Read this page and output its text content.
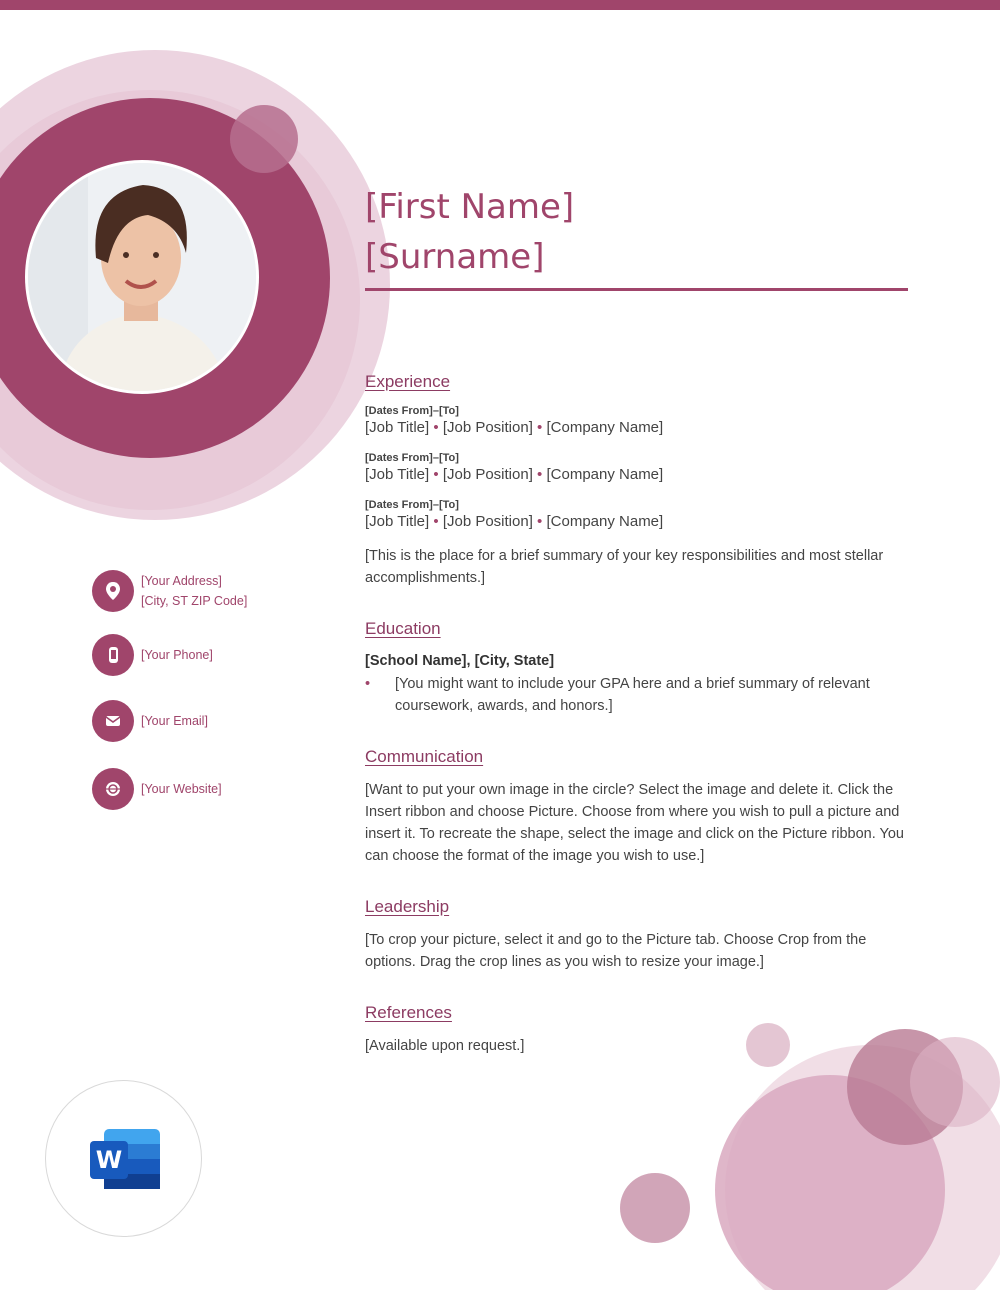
[First Name]
[Surname]
[Your Address]
[City, ST ZIP Code]
[Your Phone]
[Your Email]
[Your Website]
Experience
[Dates From]–[To]
[Job Title] • [Job Position] • [Company Name]
[Dates From]–[To]
[Job Title] • [Job Position] • [Company Name]
[Dates From]–[To]
[Job Title] • [Job Position] • [Company Name]

[This is the place for a brief summary of your key responsibilities and most stellar accomplishments.]

Education
[School Name], [City, State]
•	[You might want to include your GPA here and a brief summary of relevant coursework, awards, and honors.]
Communication

[Want to put your own image in the circle? Select the image and delete it. Click the Insert ribbon and choose Picture. Choose from where you wish to pull a picture and insert it. To recreate the shape, select the image and click on the Picture ribbon. You can choose the format of the image you wish to use.]

Leadership

[To crop your picture, select it and go to the Picture tab. Choose Crop from the options. Drag the crop lines as you wish to resize your image.]

References

[Available upon request.]

W
